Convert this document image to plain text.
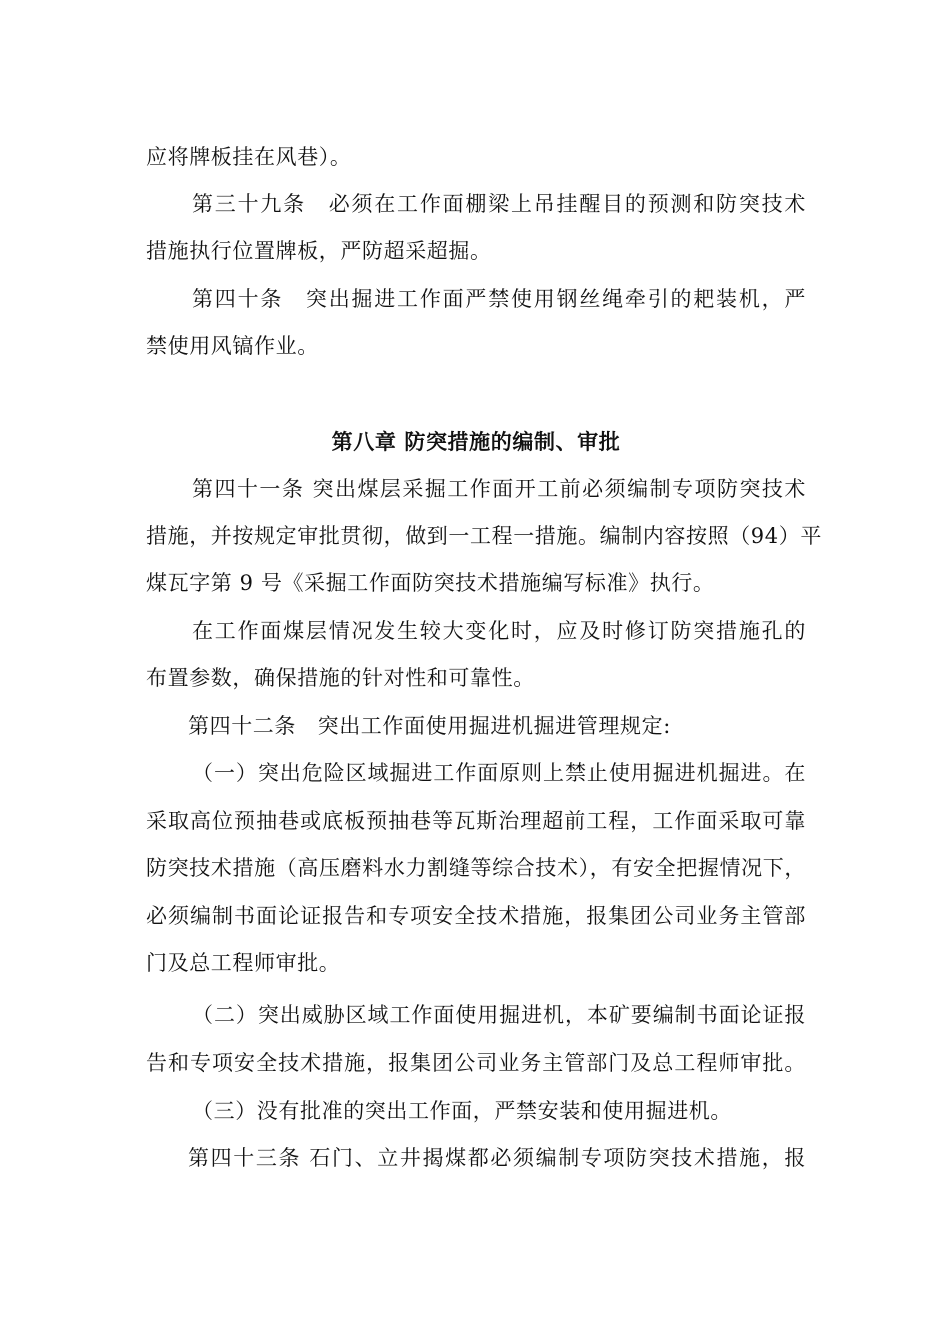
应将牌板挂在风巷）。
第三十九条　必须在工作面棚梁上吊挂醒目的预测和防突技术
措施执行位置牌板，严防超采超掘。
第四十条　突出掘进工作面严禁使用钢丝绳牵引的耙装机，严
禁使用风镐作业。
第八章 防突措施的编制、审批
第四十一条 突出煤层采掘工作面开工前必须编制专项防突技术
措施，并按规定审批贯彻，做到一工程一措施。编制内容按照（94）平
煤瓦字第 9 号《采掘工作面防突技术措施编写标准》执行。
在工作面煤层情况发生较大变化时，应及时修订防突措施孔的
布置参数，确保措施的针对性和可靠性。
第四十二条　突出工作面使用掘进机掘进管理规定:
（一）突出危险区域掘进工作面原则上禁止使用掘进机掘进。在
采取高位预抽巷或底板预抽巷等瓦斯治理超前工程，工作面采取可靠
防突技术措施（高压磨料水力割缝等综合技术），有安全把握情况下，
必须编制书面论证报告和专项安全技术措施，报集团公司业务主管部
门及总工程师审批。
（二）突出威胁区域工作面使用掘进机，本矿要编制书面论证报
告和专项安全技术措施，报集团公司业务主管部门及总工程师审批。
（三）没有批准的突出工作面，严禁安装和使用掘进机。
第四十三条 石门、立井揭煤都必须编制专项防突技术措施，报
